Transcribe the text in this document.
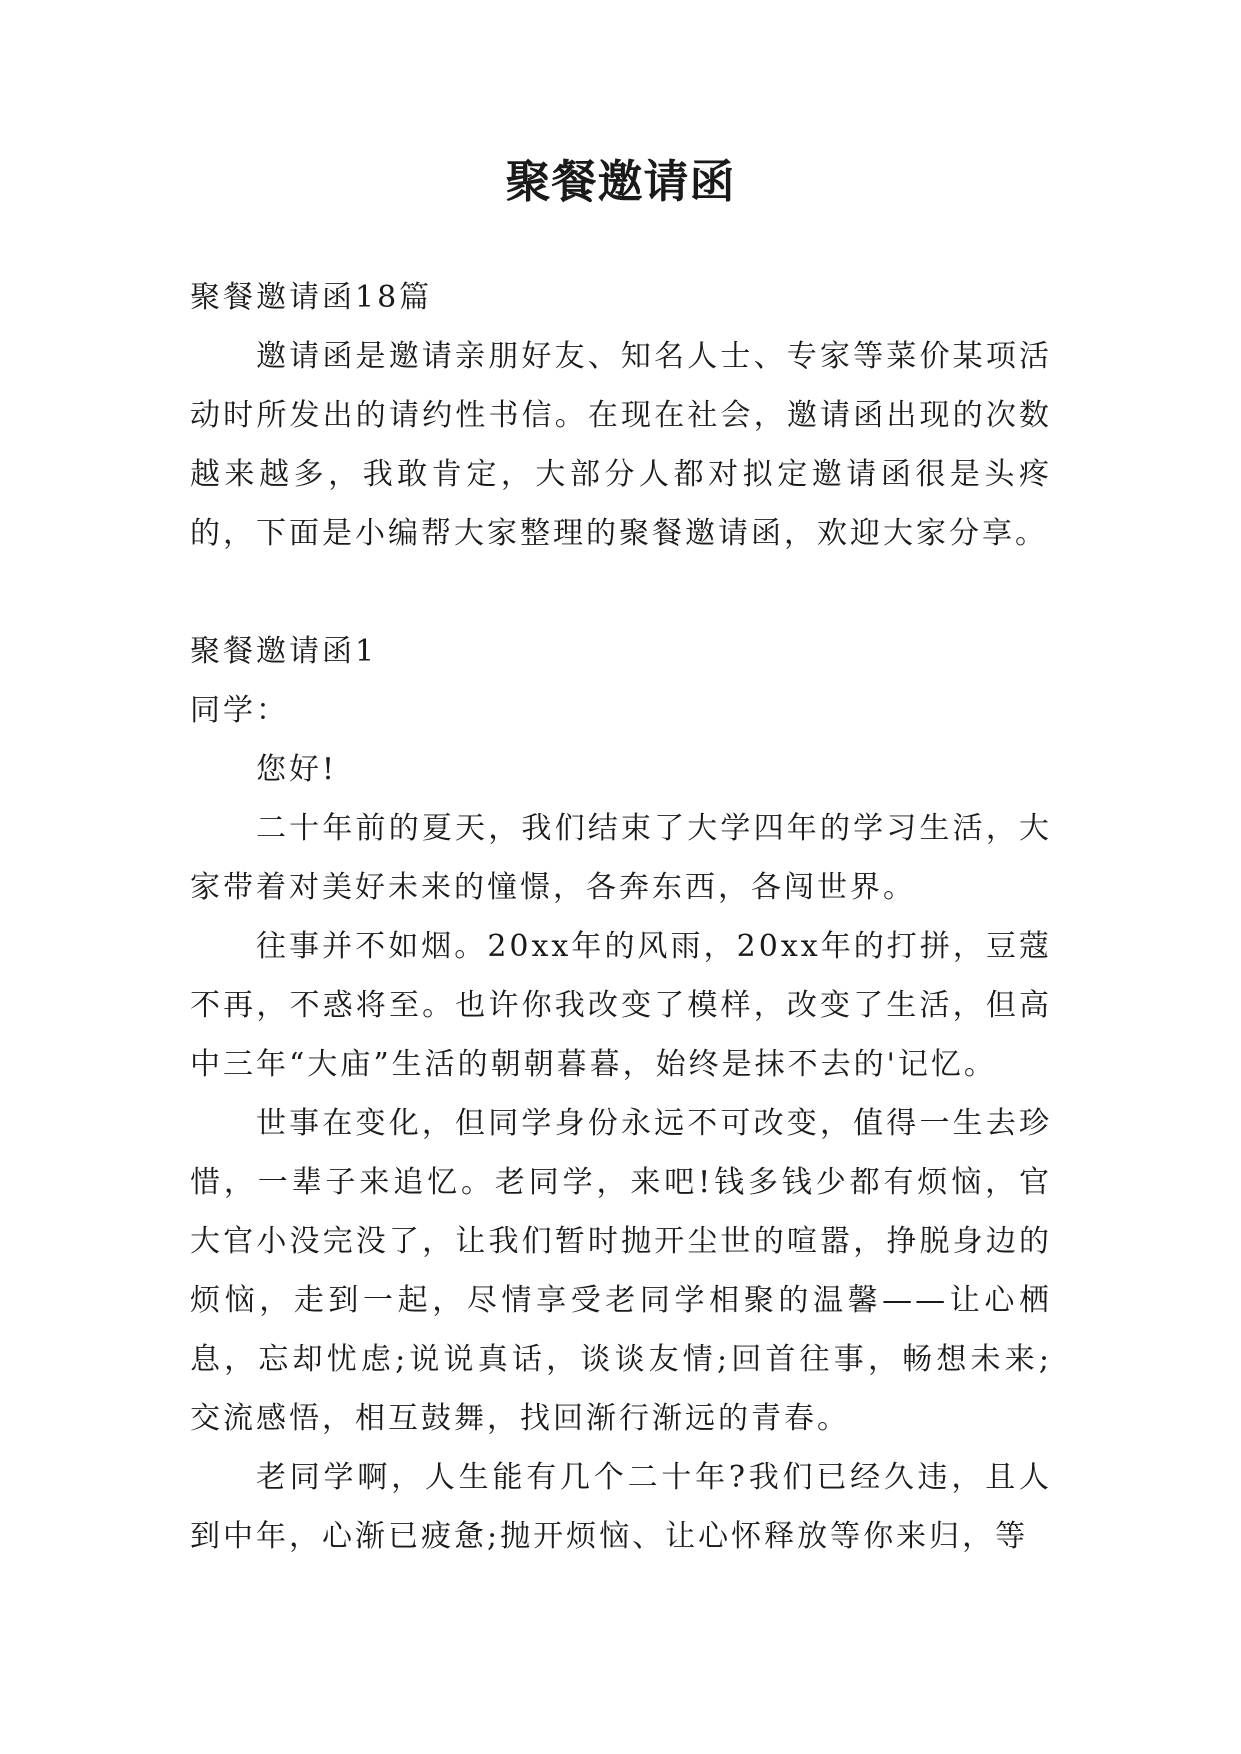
聚餐邀请函

聚餐邀请函18篇

邀请函是邀请亲朋好友、知名人士、专家等菜价某项活动时所发出的请约性书信。在现在社会，邀请函出现的次数越来越多，我敢肯定，大部分人都对拟定邀请函很是头疼的，下面是小编帮大家整理的聚餐邀请函，欢迎大家分享。

聚餐邀请函1

同学：

您好!

二十年前的夏天，我们结束了大学四年的学习生活，大家带着对美好未来的憧憬，各奔东西，各闯世界。

往事并不如烟。20xx年的风雨，20xx年的打拼，豆蔻不再，不惑将至。也许你我改变了模样，改变了生活，但高中三年“大庙”生活的朝朝暮暮，始终是抹不去的'记忆。

世事在变化，但同学身份永远不可改变，值得一生去珍惜，一辈子来追忆。老同学，来吧!钱多钱少都有烦恼，官大官小没完没了，让我们暂时抛开尘世的喧嚣，挣脱身边的烦恼，走到一起，尽情享受老同学相聚的温馨——让心栖息，忘却忧虑;说说真话，谈谈友情;回首往事，畅想未来;交流感悟，相互鼓舞，找回渐行渐远的青春。

老同学啊，人生能有几个二十年?我们已经久违，且人到中年，心渐已疲惫;抛开烦恼、让心怀释放等你来归，等
